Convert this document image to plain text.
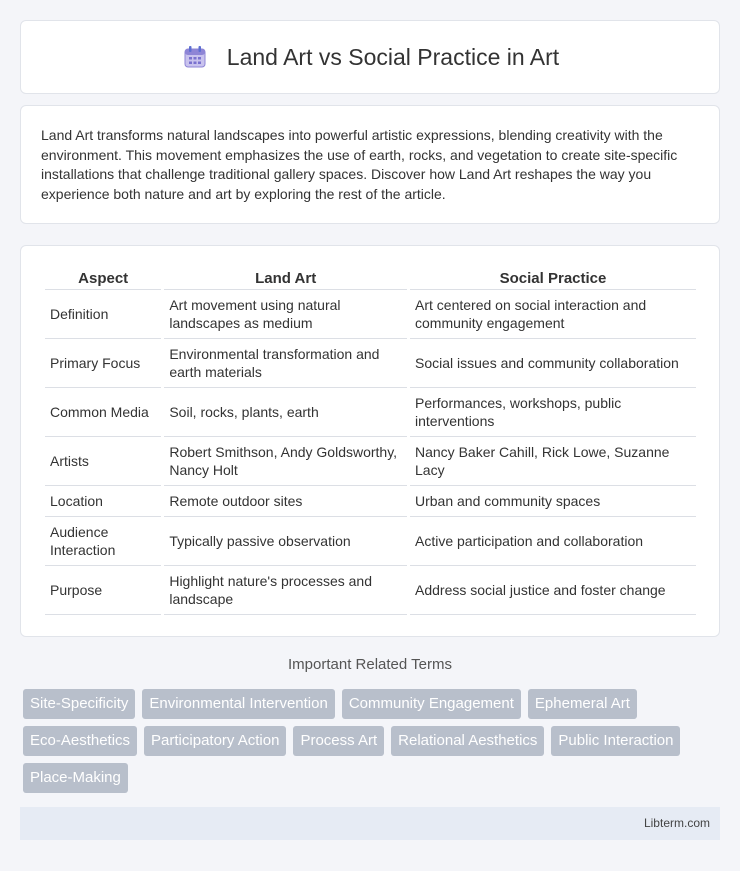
Land Art vs Social Practice in Art

Land Art transforms natural landscapes into powerful artistic expressions, blending creativity with the environment. This movement emphasizes the use of earth, rocks, and vegetation to create site-specific installations that challenge traditional gallery spaces. Discover how Land Art reshapes the way you experience both nature and art by exploring the rest of the article.

Aspect	Land Art	Social Practice
Definition	Art movement using natural landscapes as medium	Art centered on social interaction and community engagement
Primary Focus	Environmental transformation and earth materials	Social issues and community collaboration
Common Media	Soil, rocks, plants, earth	Performances, workshops, public interventions
Artists	Robert Smithson, Andy Goldsworthy, Nancy Holt	Nancy Baker Cahill, Rick Lowe, Suzanne Lacy
Location	Remote outdoor sites	Urban and community spaces
Audience Interaction	Typically passive observation	Active participation and collaboration
Purpose	Highlight nature's processes and landscape	Address social justice and foster change
Important Related Terms
Site-Specificity	Environmental Intervention	Community Engagement	Ephemeral Art
Eco-Aesthetics	Participatory Action	Process Art	Relational Aesthetics	Public Interaction
Place-Making
Libterm.com
